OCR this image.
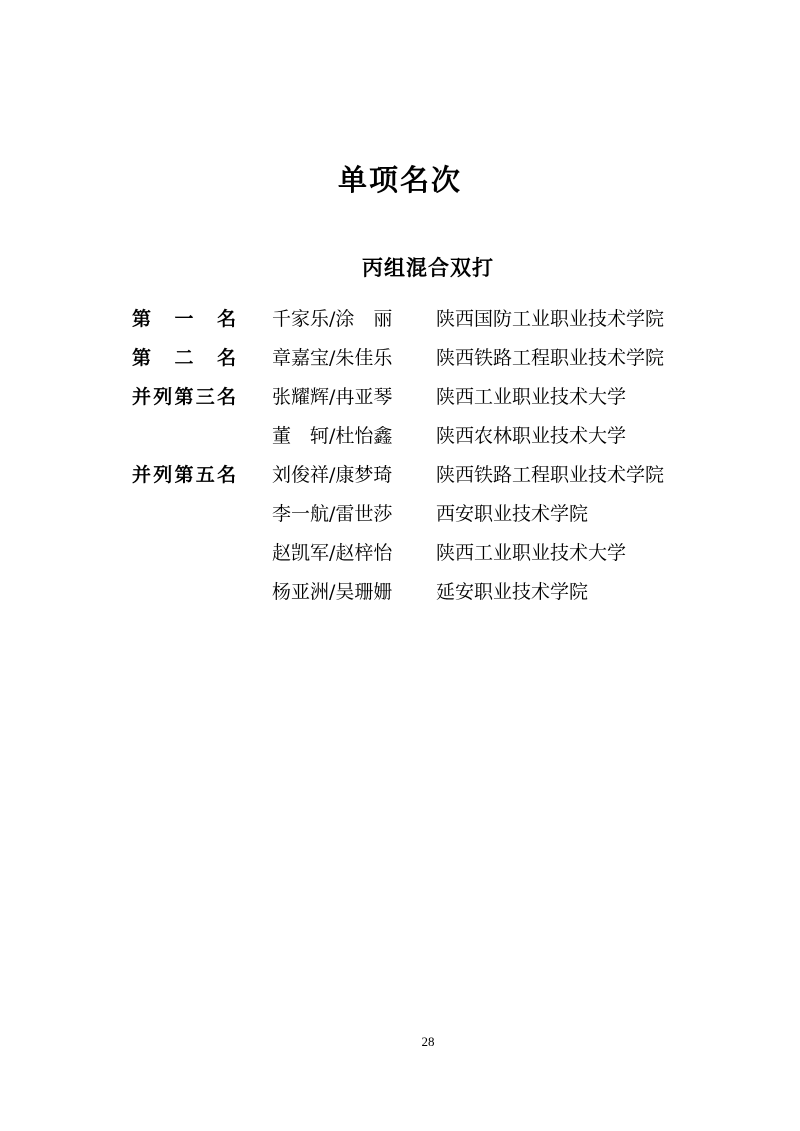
单项名次
丙组混合双打
第　一　名 千家乐/涂　丽	陕西国防工业职业技术学院
第　二　名 章嘉宝/朱佳乐	陕西铁路工程职业技术学院
并列第三名 张耀辉/冉亚琴	陕西工业职业技术大学
董　轲/杜怡鑫	陕西农林职业技术大学
并列第五名 刘俊祥/康梦琦	陕西铁路工程职业技术学院
李一航/雷世莎	西安职业技术学院
赵凯军/赵梓怡	陕西工业职业技术大学
杨亚洲/吴珊姗	延安职业技术学院
28
